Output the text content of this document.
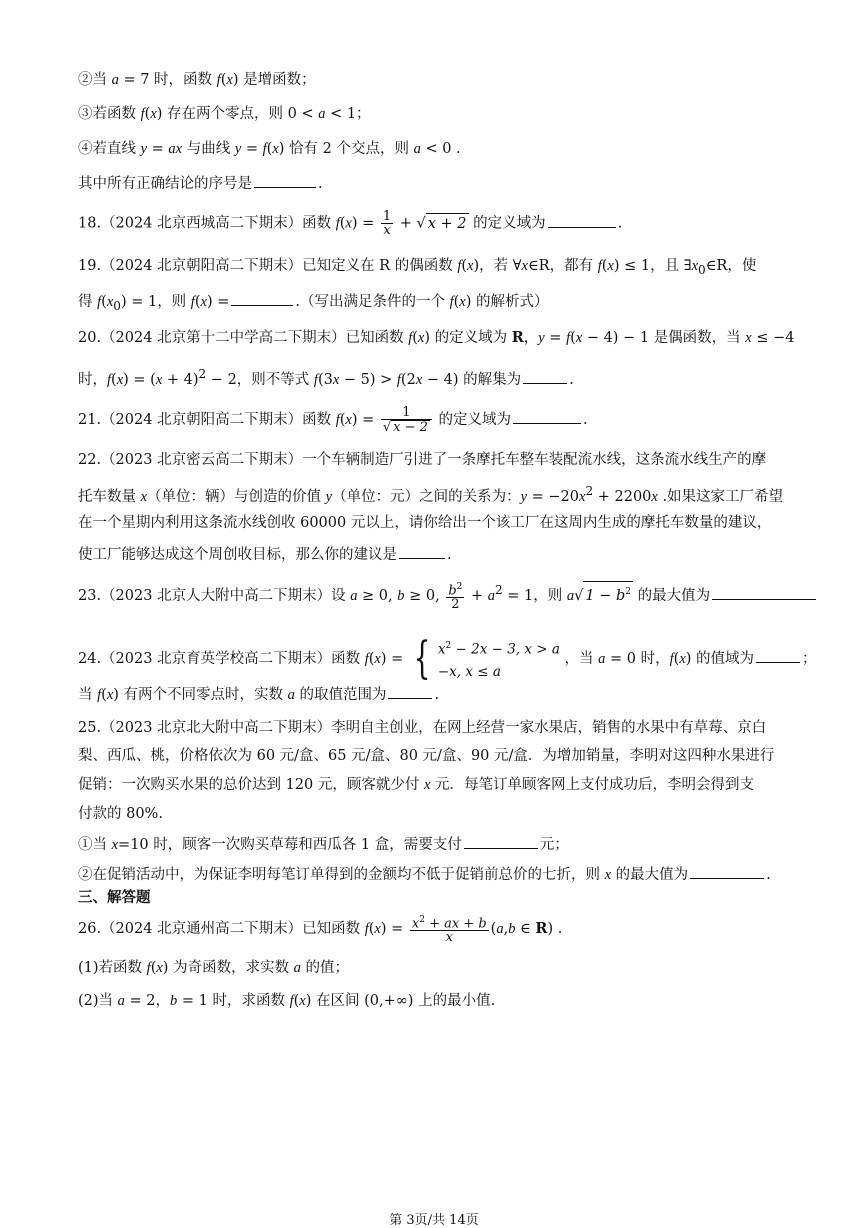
②当 a = 7 时，函数 f(x) 是增函数；
③若函数 f(x) 存在两个零点，则 0 < a < 1；
④若直线 y = ax 与曲线 y = f(x) 恰有 2 个交点，则 a < 0 .
其中所有正确结论的序号是	.
18.（2024 北京西城高二下期末）函数 $f(x) = \frac{1}{x}$ + √ x + 2 的定义域为	.
19.（2024 北京朝阳高二下期末）已知定义在 R 的偶函数 f(x)，若 ∀x∈R，都有 f(x) ≤ 1，且 $\exists x_0\in R$，使
得 $f(x_0) = 1$，则 f(x) =	.（写出满足条件的一个 f(x) 的解析式）
20.（2024 北京第十二中学高二下期末）已知函数 f(x) 的定义域为 R，y = f(x − 4) − 1 是偶函数，当 x ≤ −4
时，$f(x) = (x + 4)^2 - 2$，则不等式 f(3x − 5) > f(2x − 4) 的解集为	.
21.（2024 北京朝阳高二下期末）函数 $f(x) = \frac{1}{√ x - 2}$ 的定义域为	.
22.（2023 北京密云高二下期末）一个车辆制造厂引进了一条摩托车整车装配流水线，这条流水线生产的摩
托车数量 x（单位：辆）与创造的价值 y（单位：元）之间的关系为：$y = -20x^2 + 2200x$ .如果这家工厂希望
在一个星期内利用这条流水线创收 60000 元以上，请你给出一个该工厂在这周内生成的摩托车数量的建议，
使工厂能够达成这个周创收目标，那么你的建议是	.
23.（2023 北京人大附中高二下期末）设 a ≥ 0, b ≥ 0, $\frac{b^2}{2} + a^2 = 1$，则 a√ $1 - b^2$ 的最大值为
24.（2023 北京育英学校高二下期末）函数 f(x) = { $x^2 - 2x - 3$, x > a
−x, x ≤ a
，当 a = 0 时，f(x) 的值域为	；
当 f(x) 有两个不同零点时，实数 a 的取值范围为	.
25.（2023 北京北大附中高二下期末）李明自主创业，在网上经营一家水果店，销售的水果中有草莓、京白
梨、西瓜、桃，价格依次为 60 元/盒、65 元/盒、80 元/盒、90 元/盒．为增加销量，李明对这四种水果进行
促销：一次购买水果的总价达到 120 元，顾客就少付 x 元．每笔订单顾客网上支付成功后，李明会得到支
付款的 80%.
①当 x=10 时，顾客一次购买草莓和西瓜各 1 盒，需要支付	元；
②在促销活动中，为保证李明每笔订单得到的金额均不低于促销前总价的七折，则 x 的最大值为	.
三、解答题
26.（2024 北京通州高二下期末）已知函数 $f(x) = \frac{x^2 + ax + b}{x} (a,b$ ∈ R) .
(1)若函数 f(x) 为奇函数，求实数 a 的值；
(2)当 a = 2，b = 1 时，求函数 f(x) 在区间 (0,+∞) 上的最小值.
第 3页/共 14页
